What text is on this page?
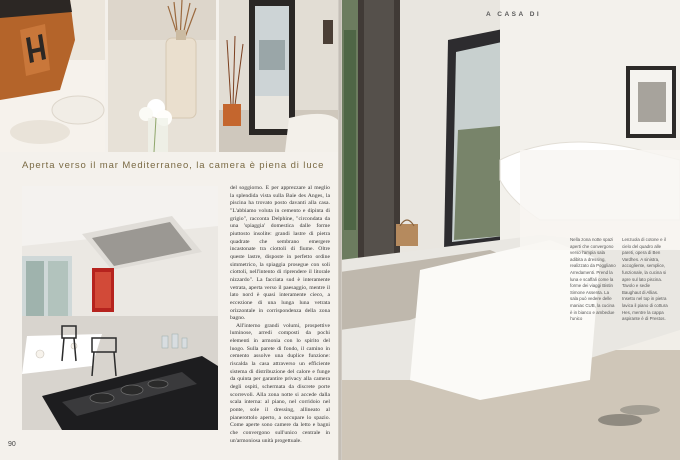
Aperta verso il mar Mediterraneo, la camera è piena di luce

del soggiorno. E per apprezzare al meglio la splendida vista sulla Baie des Anges, la piscina ha trovato posto davanti alla casa. "L'abbiamo voluta in cemento e dipinta di grigio", racconta Delphine, "circondata da una 'spiaggia' domestica dalle forme piuttosto insolite: grandi lastre di pietra quadrate che sembrano emergere incastonate tra ciottoli di fiume. Oltre queste lastre, disposte in perfetto ordine simmetrico, la spiaggia prosegue con soli ciottoli, nell'intento di riprendere il litorale nizzardo". La facciata sud è interamente vetrata, aperta verso il paesaggio, mentre il lato nord è quasi interamente cieco, a eccezione di una lunga luna vetrata orizzontale in corrispondenza della zona bagno.

All'interno grandi volumi, prospettive luminose, arredi composti da pochi elementi in armonia con lo spirito del luogo. Sulla parete di fondo, il camino in cemento assolve una duplice funzione: riscalda la casa attraverso un efficiente sistema di distribuzione del calore e funge da quinta per garantire privacy alla camera degli ospiti, schermata da discrete porte scorrevoli. Alla zona notte si accede dalla scala interna: al piano, nel corridoio nel ponte, sole il dressing, allineato al pianerottolo aperto, a occupare lo spazio. Come aperte sono camere da letto e bagni che convergono sull'unico centrale in un'armoniosa unità progettuale.

90
A CASA DI
Nella zona notte spazi aperti che convergono verso l'ampia sala adibita a dressing, realizzato da Poggliano Arredamenti. Prend la luna e scaffali come la forme dei viaggi Bistin Simone Assenta. La sala può vedere delle maniac CUB, la cucina è in bianco e ambedue l'unico
Lenzuola di cotone e il cielo del quadro alle pareti, opera di Ben Vardhes. A sinistra, accogliente, semplice, funzionale, la cucina si apre sul lato piscina. Tavolo e sedie Baughaut di Allias. Insetto nel top in pietra lavica il piano di cottura Hes, mentre la cappa aspirante è di Prestos.
